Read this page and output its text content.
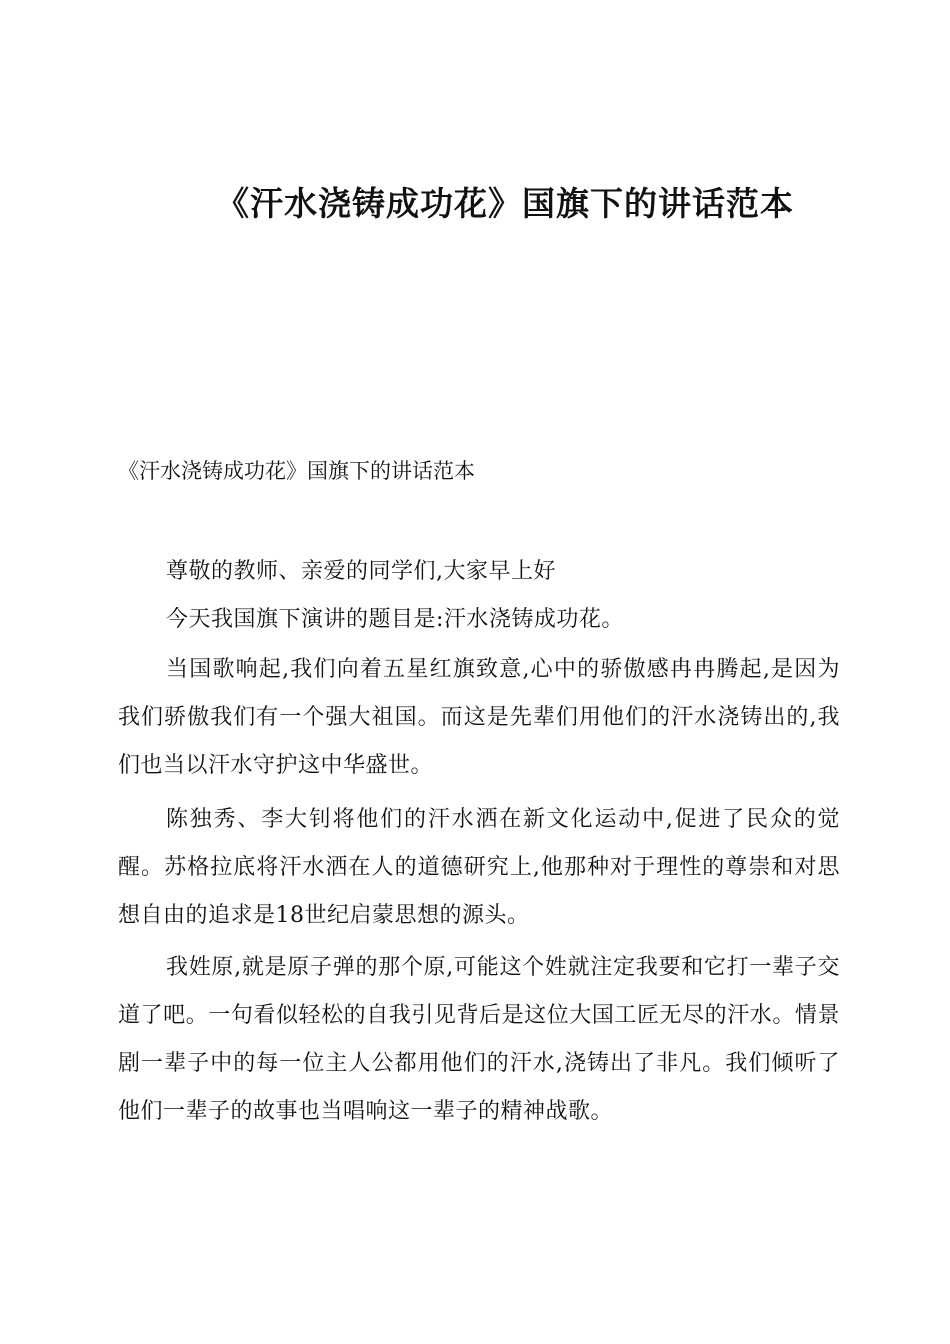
《汗水浇铸成功花》国旗下的讲话范本
《汗水浇铸成功花》国旗下的讲话范本

尊敬的教师、亲爱的同学们,大家早上好

今天我国旗下演讲的题目是:汗水浇铸成功花。

当国歌响起,我们向着五星红旗致意,心中的骄傲感冉冉腾起,是因为我们骄傲我们有一个强大祖国。而这是先辈们用他们的汗水浇铸出的,我们也当以汗水守护这中华盛世。

陈独秀、李大钊将他们的汗水洒在新文化运动中,促进了民众的觉醒。苏格拉底将汗水洒在人的道德研究上,他那种对于理性的尊崇和对思想自由的追求是18世纪启蒙思想的源头。

我姓原,就是原子弹的那个原,可能这个姓就注定我要和它打一辈子交道了吧。一句看似轻松的自我引见背后是这位大国工匠无尽的汗水。情景剧一辈子中的每一位主人公都用他们的汗水,浇铸出了非凡。我们倾听了他们一辈子的故事也当唱响这一辈子的精神战歌。
